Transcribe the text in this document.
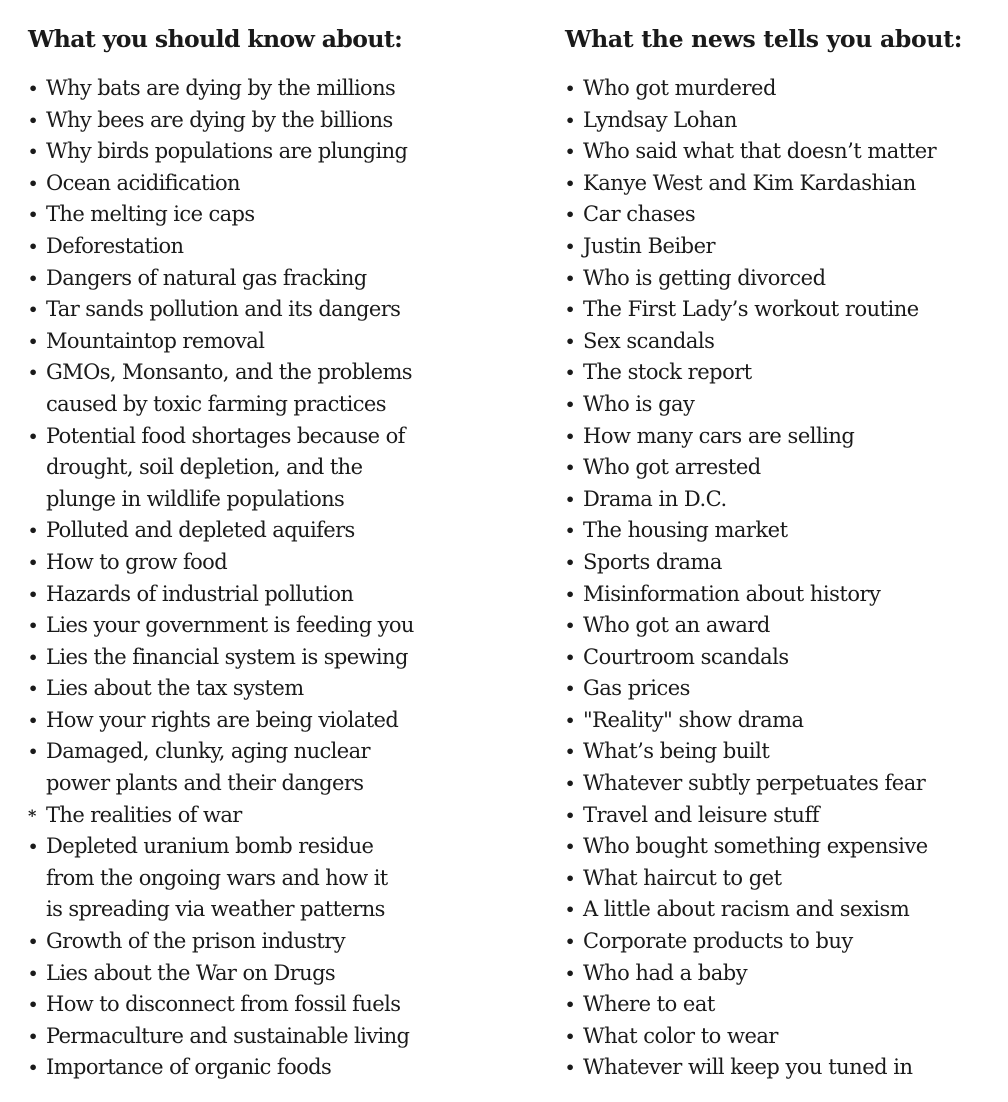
What you should know about:
• Why bats are dying by the millions
• Why bees are dying by the billions
• Why birds populations are plunging
• Ocean acidification
• The melting ice caps
• Deforestation
• Dangers of natural gas fracking
• Tar sands pollution and its dangers
• Mountaintop removal
• GMOs, Monsanto, and the problems
caused by toxic farming practices
• Potential food shortages because of
drought, soil depletion, and the
plunge in wildlife populations
• Polluted and depleted aquifers
• How to grow food
• Hazards of industrial pollution
• Lies your government is feeding you
• Lies the financial system is spewing
• Lies about the tax system
• How your rights are being violated
• Damaged, clunky, aging nuclear
power plants and their dangers
* The realities of war
• Depleted uranium bomb residue
from the ongoing wars and how it
is spreading via weather patterns
• Growth of the prison industry
• Lies about the War on Drugs
• How to disconnect from fossil fuels
• Permaculture and sustainable living
• Importance of organic foods
What the news tells you about:
• Who got murdered
• Lyndsay Lohan
• Who said what that doesn’t matter
• Kanye West and Kim Kardashian
• Car chases
• Justin Beiber
• Who is getting divorced
• The First Lady’s workout routine
• Sex scandals
• The stock report
• Who is gay
• How many cars are selling
• Who got arrested
• Drama in D.C.
• The housing market
• Sports drama
• Misinformation about history
• Who got an award
• Courtroom scandals
• Gas prices
• "Reality" show drama
• What’s being built
• Whatever subtly perpetuates fear
• Travel and leisure stuff
• Who bought something expensive
• What haircut to get
• A little about racism and sexism
• Corporate products to buy
• Who had a baby
• Where to eat
• What color to wear
• Whatever will keep you tuned in
